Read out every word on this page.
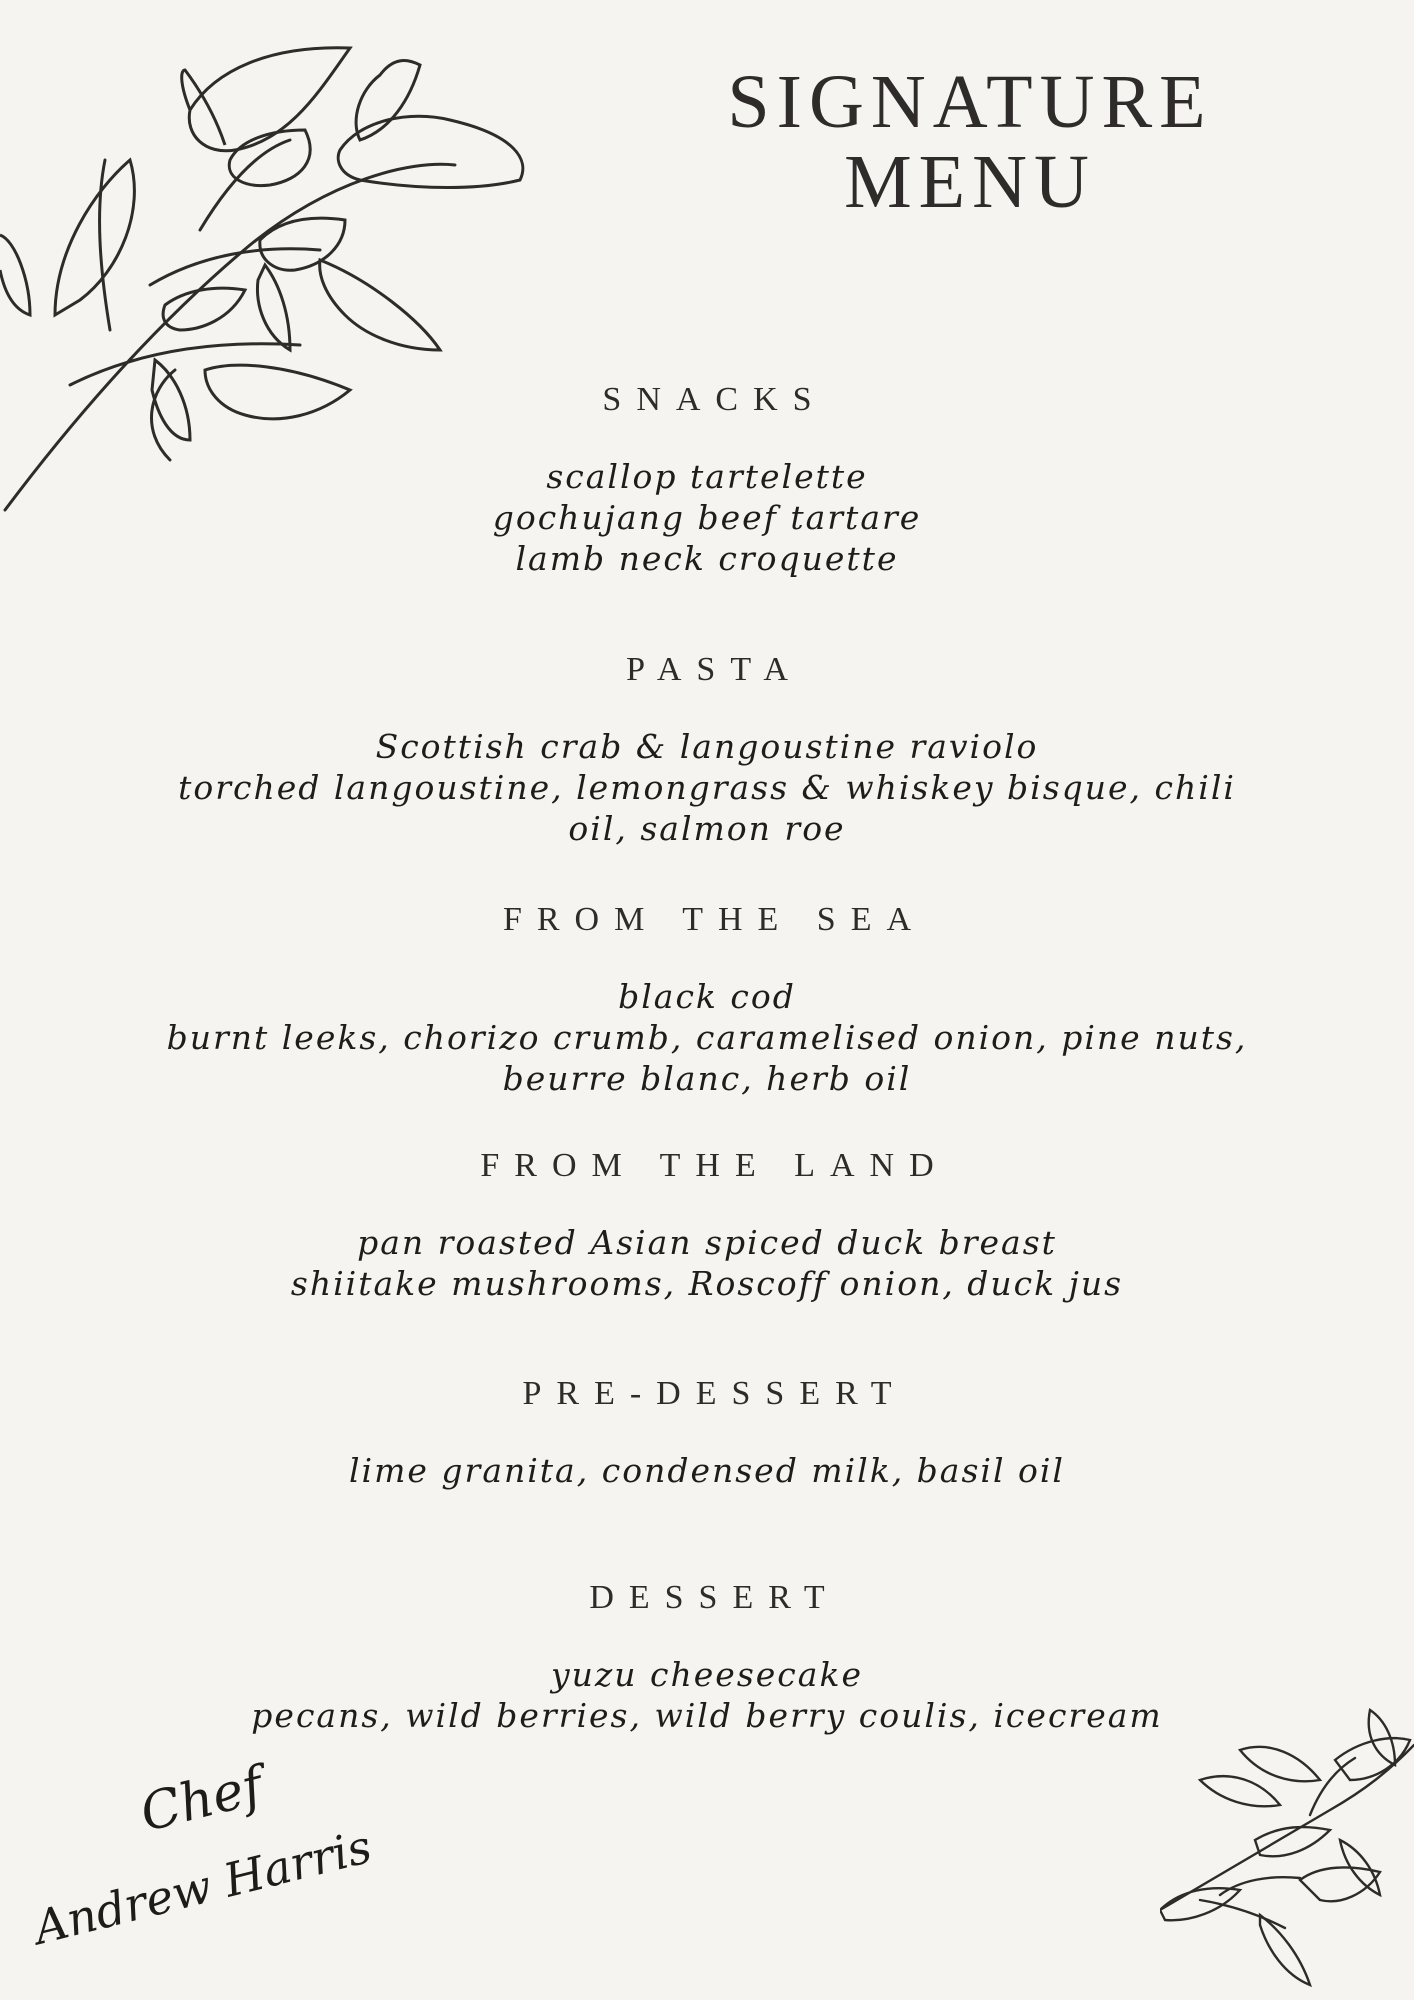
SIGNATURE
MENU
SNACKS

scallop tartelette

gochujang beef tartare

lamb neck croquette

PASTA

Scottish crab & langoustine raviolo

torched langoustine, lemongrass & whiskey bisque, chili

oil, salmon roe

FROM THE SEA

black cod

burnt leeks, chorizo crumb, caramelised onion, pine nuts,

beurre blanc, herb oil

FROM THE LAND

pan roasted Asian spiced duck breast

shiitake mushrooms, Roscoff onion, duck jus

PRE-DESSERT

lime granita, condensed milk, basil oil

DESSERT

yuzu cheesecake

pecans, wild berries, wild berry coulis, icecream

Chef
Andrew Harris
